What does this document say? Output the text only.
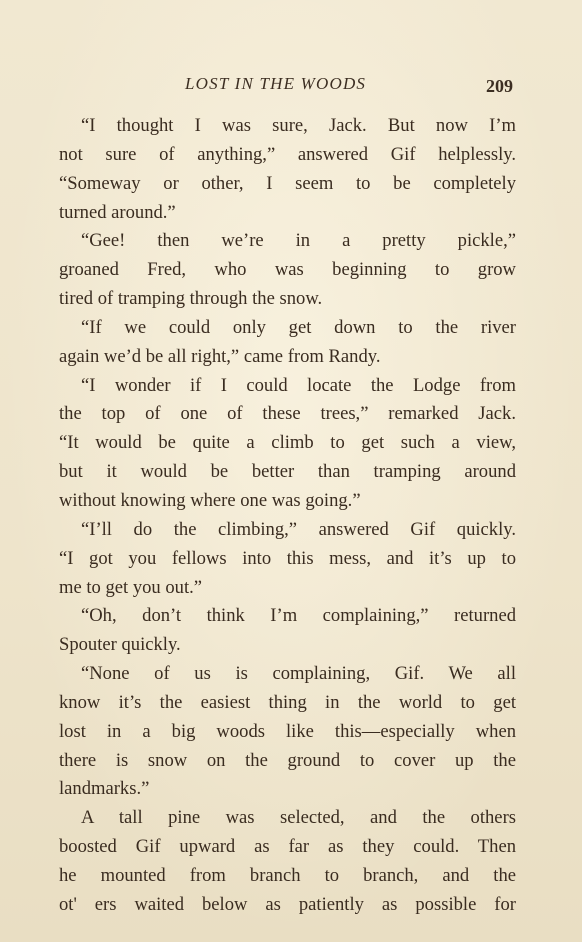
LOST IN THE WOODS	209
“I thought I was sure, Jack. But now I’m
not sure of anything,” answered Gif helplessly.
“Someway or other, I seem to be completely
turned around.”
“Gee! then we’re in a pretty pickle,”
groaned Fred, who was beginning to grow
tired of tramping through the snow.
“If we could only get down to the river
again we’d be all right,” came from Randy.
“I wonder if I could locate the Lodge from
the top of one of these trees,” remarked Jack.
“It would be quite a climb to get such a view,
but it would be better than tramping around
without knowing where one was going.”
“I’ll do the climbing,” answered Gif quickly.
“I got you fellows into this mess, and it’s up to
me to get you out.”
“Oh, don’t think I’m complaining,” returned
Spouter quickly.
“None of us is complaining, Gif. We all
know it’s the easiest thing in the world to get
lost in a big woods like this—especially when
there is snow on the ground to cover up the
landmarks.”
A tall pine was selected, and the others
boosted Gif upward as far as they could. Then
he mounted from branch to branch, and the
ot' ers waited below as patiently as possible for
